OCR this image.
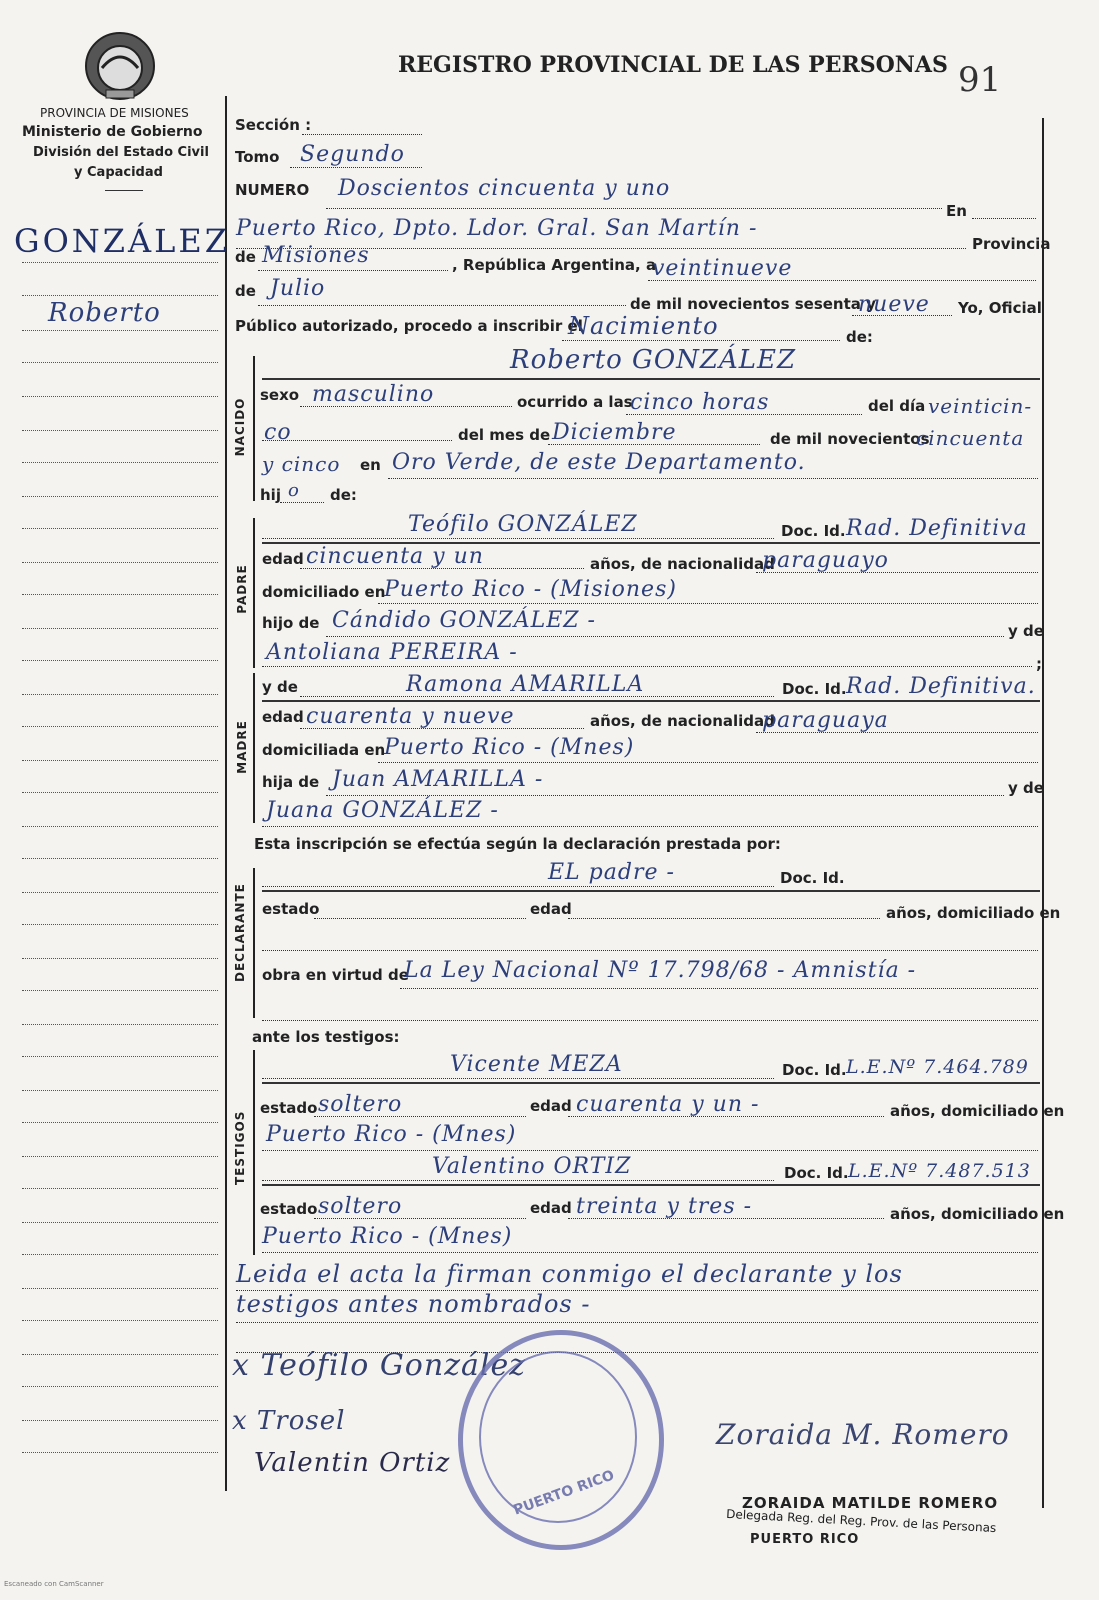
PROVINCIA DE MISIONES
Ministerio de Gobierno
División del Estado Civil
y Capacidad
REGISTRO PROVINCIAL DE LAS PERSONAS 91
GONZÁLEZ
Roberto
Sección :
Tomo Segundo
NUMERO Doscientos cincuenta y uno
En
Puerto Rico, Dpto. Ldor. Gral. San Martín -
Provincia
de Misiones	, República Argentina, a
veintinueve
de Julio
de mil novecientos sesenta y
nueve Yo, Oficial
Público autorizado, procedo a inscribir el
Nacimiento	de:
NACIDO
Roberto GONZÁLEZ
sexo masculino	ocurrido a las
cinco horas	del día veinticin-
co	del mes de Diciembre	de mil novecientos
cincuenta
y cinco en Oro Verde, de este Departamento.
hij o de:
PADRE
Teófilo GONZÁLEZ	Doc. Id. Rad. Definitiva
edad cincuenta y un	años, de nacionalidad
paraguayo
domiciliado en
Puerto Rico - (Misiones)
hijo de Cándido GONZÁLEZ -	y de
Antoliana PEREIRA -	;
MADRE
y de	Ramona AMARILLA	Doc. Id. Rad. Definitiva.
edad cuarenta y nueve	años, de nacionalidad
paraguaya
domiciliada en
Puerto Rico - (Mnes)
hija de Juan AMARILLA -	y de
Juana GONZÁLEZ -
Esta inscripción se efectúa según la declaración prestada por:
DECLARANTE
EL padre -	Doc. Id.
estado	edad	años, domiciliado en
obra en virtud de
La Ley Nacional Nº 17.798/68 - Amnistía -
ante los testigos:
TESTIGOS
Vicente MEZA	Doc. Id. L.E.Nº 7.464.789
estado soltero	edad cuarenta y un -	años, domiciliado en
Puerto Rico - (Mnes)
Valentino ORTIZ	Doc. Id. L.E.Nº 7.487.513
estado soltero	edad treinta y tres -	años, domiciliado en
Puerto Rico - (Mnes)
Leida el acta la firman conmigo el declarante y los
testigos antes nombrados -
x Teófilo González
x Trosel
Valentin Ortiz
Zoraida M. Romero
PUERTO RICO	ZORAIDA MATILDE ROMERO
Delegada Reg. del Reg. Prov. de las Personas
PUERTO RICO
Escaneado con CamScanner
